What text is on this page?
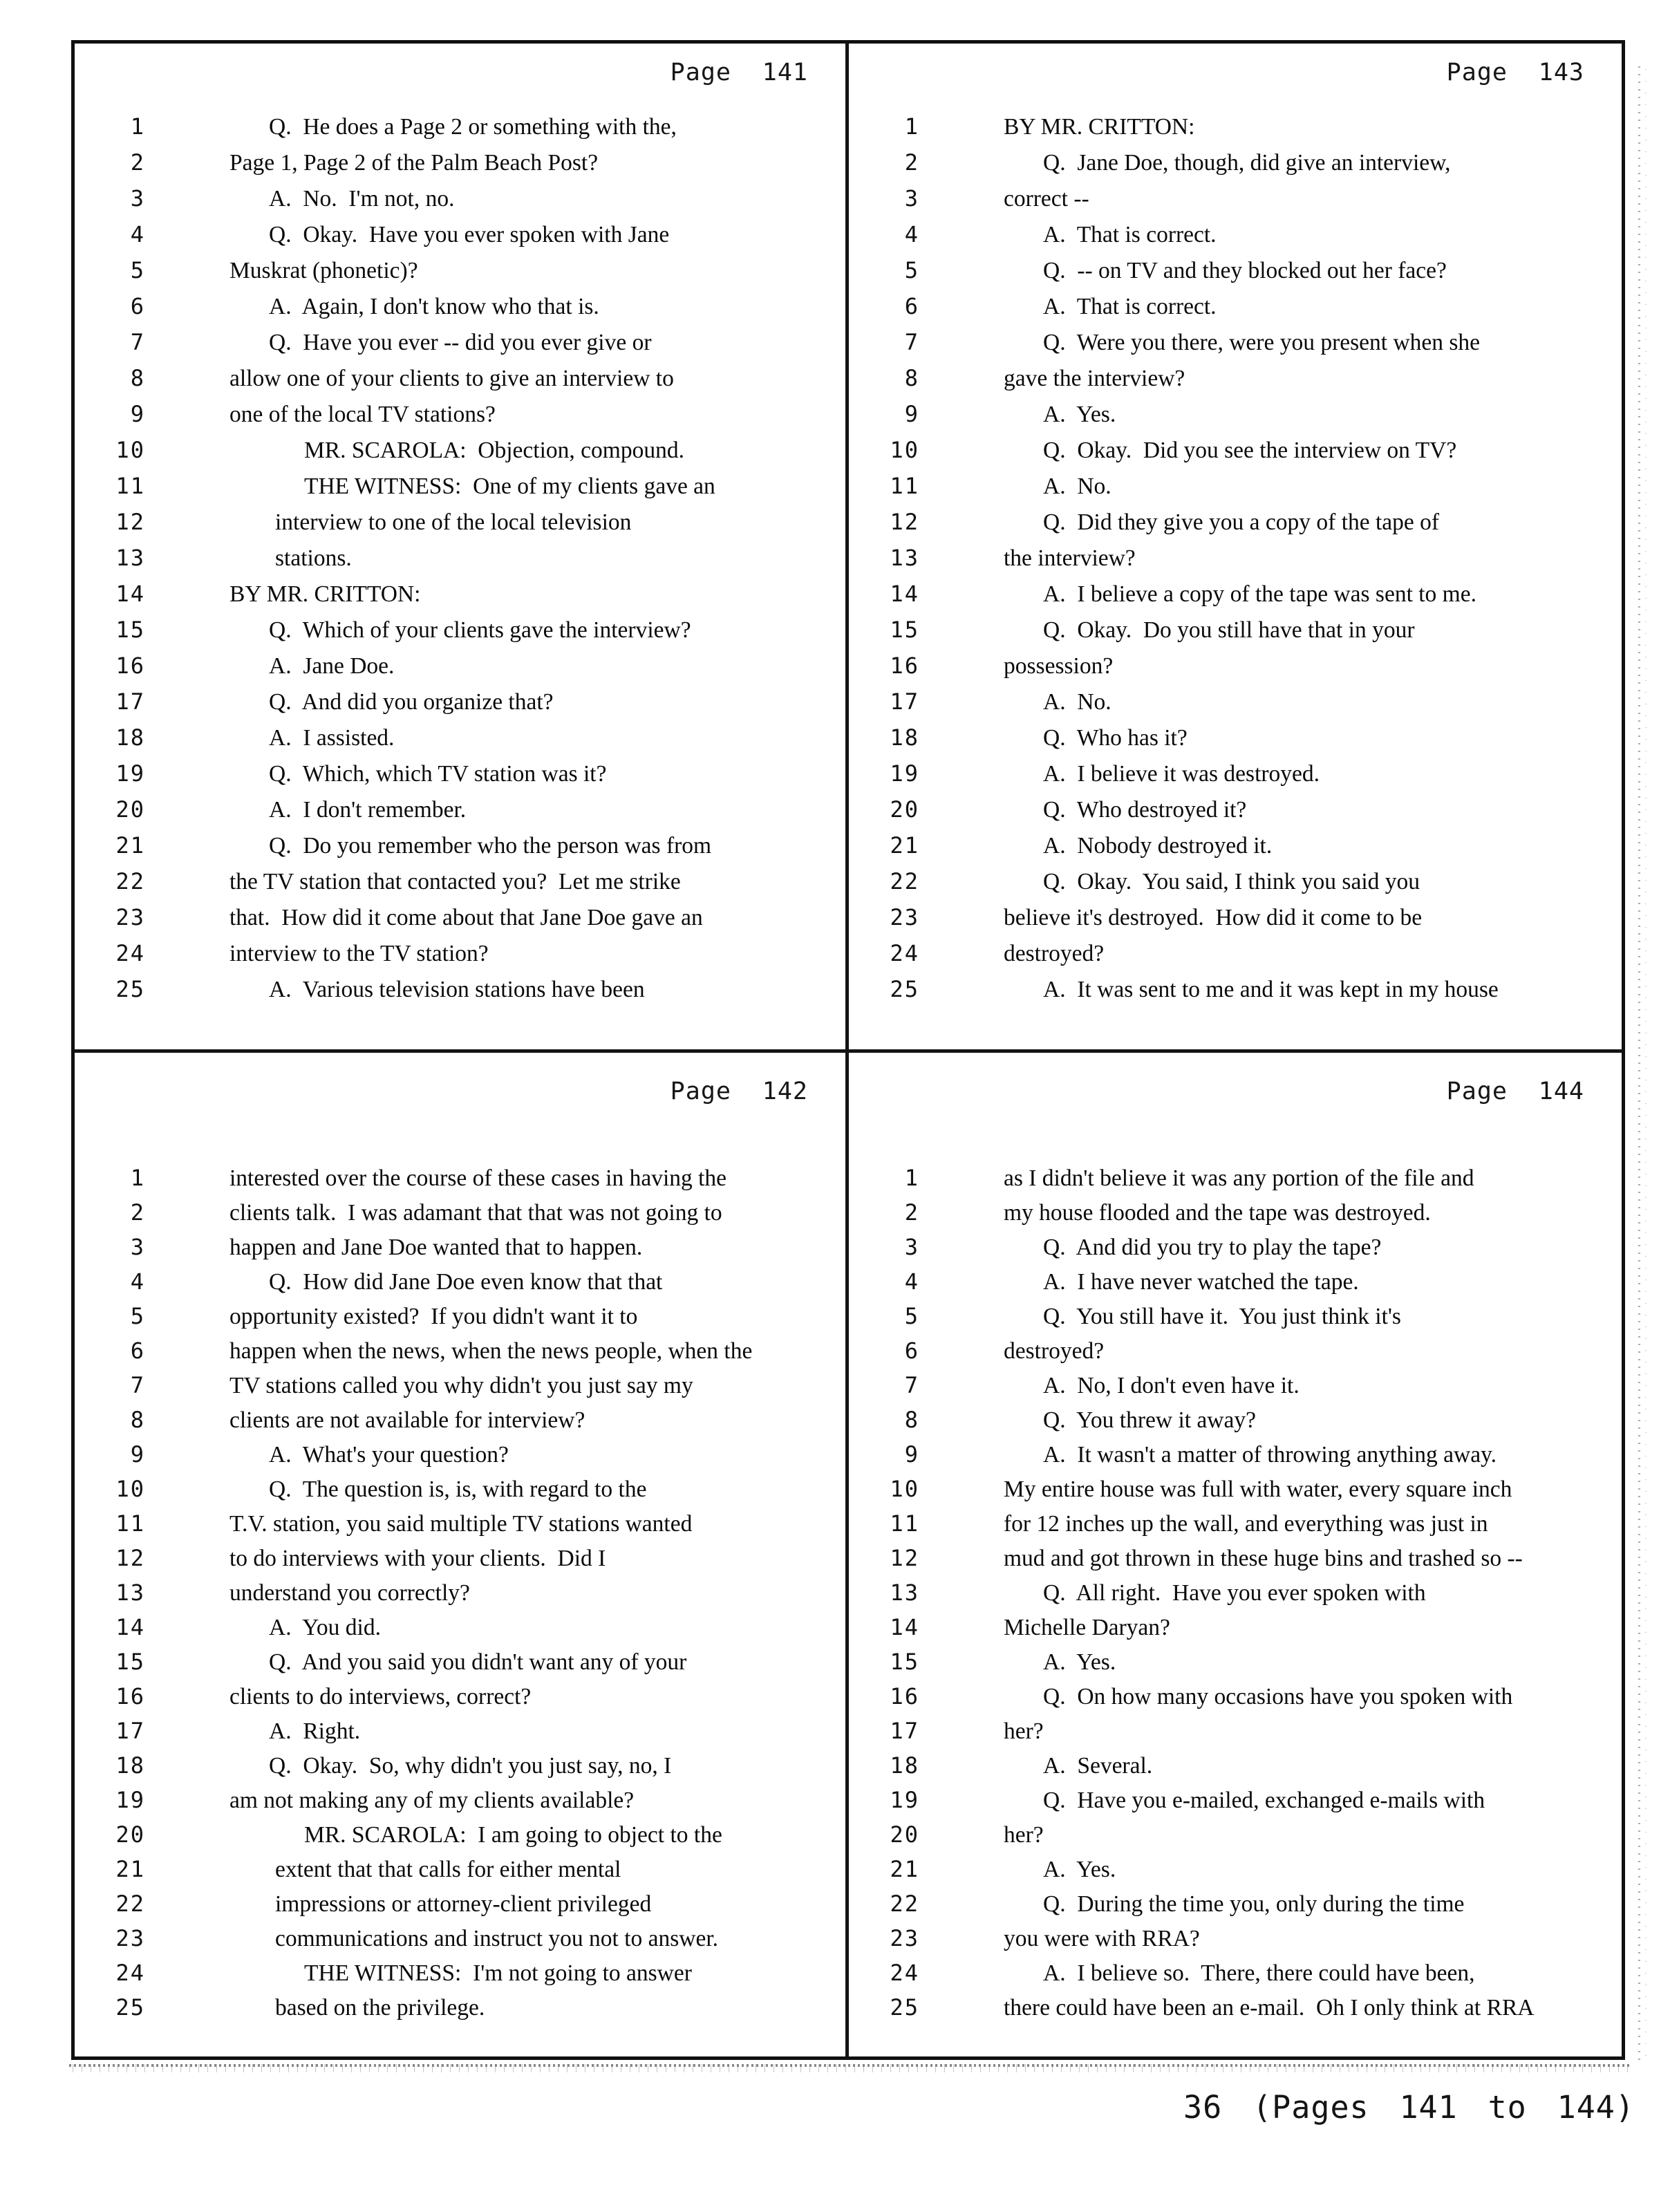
Page 141
1	Q.  He does a Page 2 or something with the,
2	Page 1, Page 2 of the Palm Beach Post?
3	A.  No.  I'm not, no.
4	Q.  Okay.  Have you ever spoken with Jane
5	Muskrat (phonetic)?
6	A.  Again, I don't know who that is.
7	Q.  Have you ever -- did you ever give or
8	allow one of your clients to give an interview to
9	one of the local TV stations?
10	MR. SCAROLA:  Objection, compound.
11	THE WITNESS:  One of my clients gave an
12	interview to one of the local television
13	stations.
14	BY MR. CRITTON:
15	Q.  Which of your clients gave the interview?
16	A.  Jane Doe.
17	Q.  And did you organize that?
18	A.  I assisted.
19	Q.  Which, which TV station was it?
20	A.  I don't remember.
21	Q.  Do you remember who the person was from
22	the TV station that contacted you?  Let me strike
23	that.  How did it come about that Jane Doe gave an
24	interview to the TV station?
25	A.  Various television stations have been
Page 143
1	BY MR. CRITTON:
2	Q.  Jane Doe, though, did give an interview,
3	correct --
4	A.  That is correct.
5	Q.  -- on TV and they blocked out her face?
6	A.  That is correct.
7	Q.  Were you there, were you present when she
8	gave the interview?
9	A.  Yes.
10	Q.  Okay.  Did you see the interview on TV?
11	A.  No.
12	Q.  Did they give you a copy of the tape of
13	the interview?
14	A.  I believe a copy of the tape was sent to me.
15	Q.  Okay.  Do you still have that in your
16	possession?
17	A.  No.
18	Q.  Who has it?
19	A.  I believe it was destroyed.
20	Q.  Who destroyed it?
21	A.  Nobody destroyed it.
22	Q.  Okay.  You said, I think you said you
23	believe it's destroyed.  How did it come to be
24	destroyed?
25	A.  It was sent to me and it was kept in my house
Page 142
1	interested over the course of these cases in having the
2	clients talk.  I was adamant that that was not going to
3	happen and Jane Doe wanted that to happen.
4	Q.  How did Jane Doe even know that that
5	opportunity existed?  If you didn't want it to
6	happen when the news, when the news people, when the
7	TV stations called you why didn't you just say my
8	clients are not available for interview?
9	A.  What's your question?
10	Q.  The question is, is, with regard to the
11	T.V. station, you said multiple TV stations wanted
12	to do interviews with your clients.  Did I
13	understand you correctly?
14	A.  You did.
15	Q.  And you said you didn't want any of your
16	clients to do interviews, correct?
17	A.  Right.
18	Q.  Okay.  So, why didn't you just say, no, I
19	am not making any of my clients available?
20	MR. SCAROLA:  I am going to object to the
21	extent that that calls for either mental
22	impressions or attorney-client privileged
23	communications and instruct you not to answer.
24	THE WITNESS:  I'm not going to answer
25	based on the privilege.
Page 144
1	as I didn't believe it was any portion of the file and
2	my house flooded and the tape was destroyed.
3	Q.  And did you try to play the tape?
4	A.  I have never watched the tape.
5	Q.  You still have it.  You just think it's
6	destroyed?
7	A.  No, I don't even have it.
8	Q.  You threw it away?
9	A.  It wasn't a matter of throwing anything away.
10	My entire house was full with water, every square inch
11	for 12 inches up the wall, and everything was just in
12	mud and got thrown in these huge bins and trashed so --
13	Q.  All right.  Have you ever spoken with
14	Michelle Daryan?
15	A.  Yes.
16	Q.  On how many occasions have you spoken with
17	her?
18	A.  Several.
19	Q.  Have you e-mailed, exchanged e-mails with
20	her?
21	A.  Yes.
22	Q.  During the time you, only during the time
23	you were with RRA?
24	A.  I believe so.  There, there could have been,
25	there could have been an e-mail.  Oh I only think at RRA
36 (Pages 141 to 144)
